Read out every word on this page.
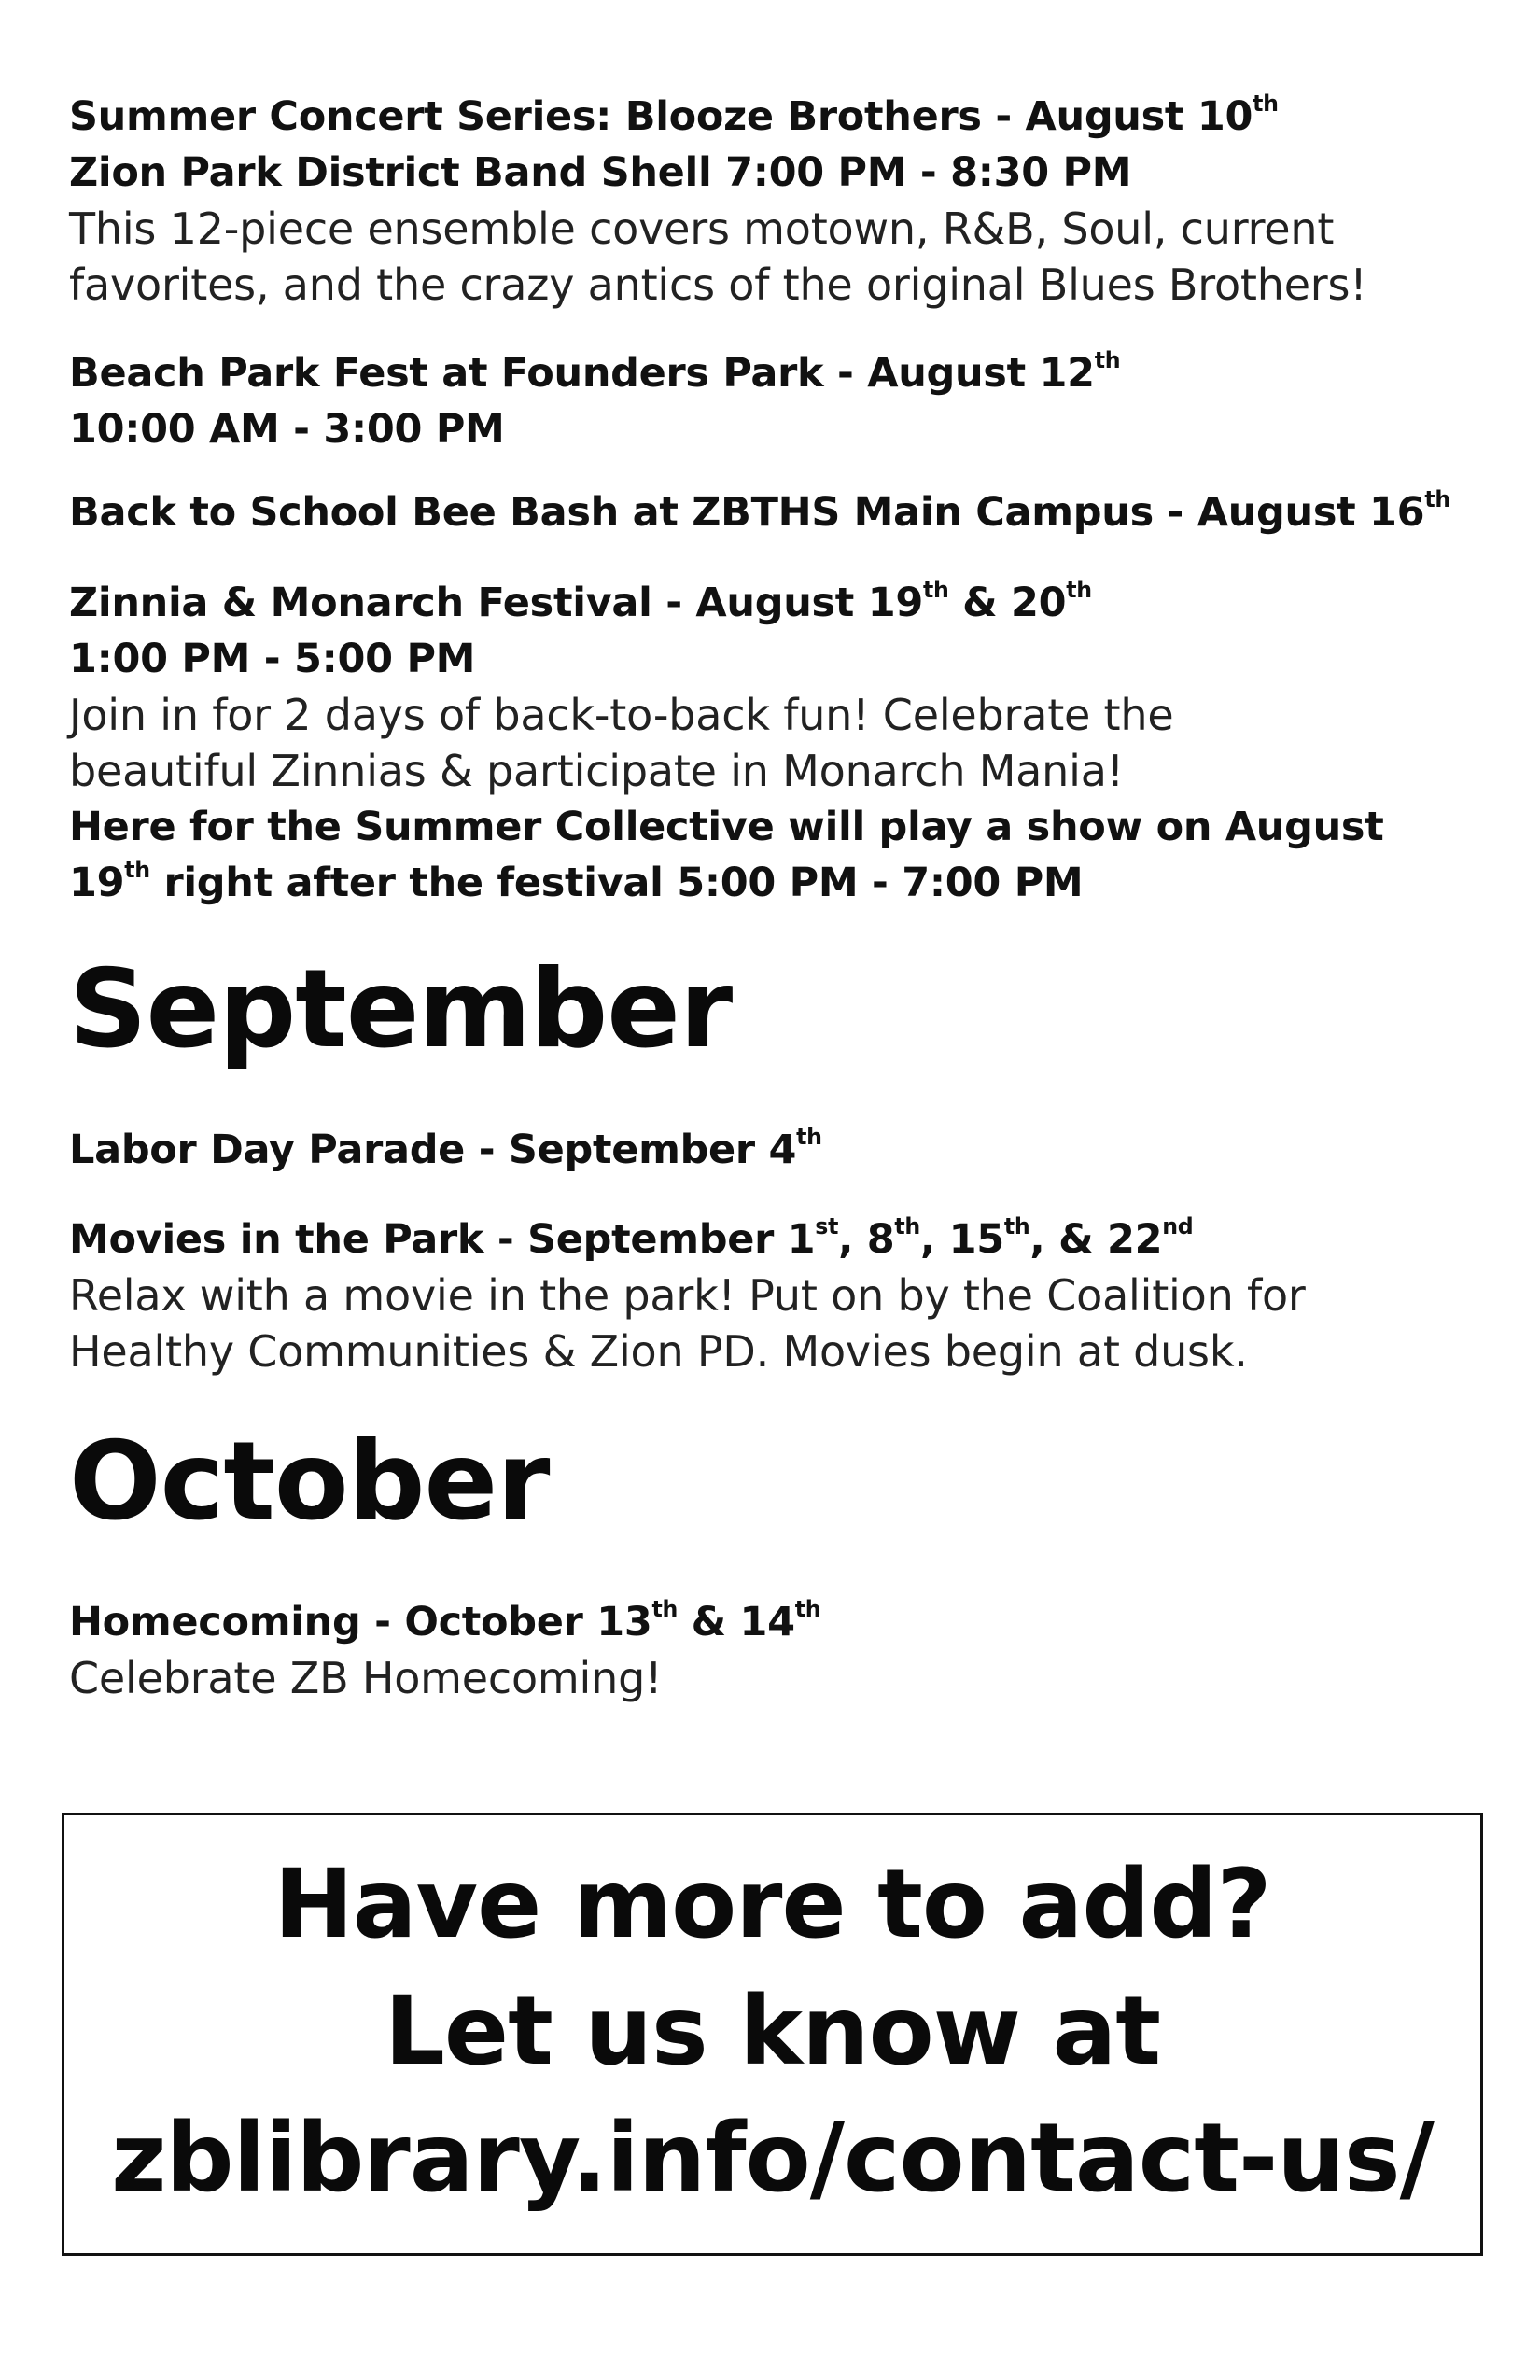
Summer Concert Series: Blooze Brothers - August 10th
Zion Park District Band Shell 7:00 PM - 8:30 PM
This 12-piece ensemble covers motown, R&B, Soul, current
favorites, and the crazy antics of the original Blues Brothers!
Beach Park Fest at Founders Park - August 12th
10:00 AM - 3:00 PM
Back to School Bee Bash at ZBTHS Main Campus - August 16th
Zinnia & Monarch Festival - August 19th & 20th
1:00 PM - 5:00 PM
Join in for 2 days of back-to-back fun! Celebrate the
beautiful Zinnias & participate in Monarch Mania!
Here for the Summer Collective will play a show on August
19th right after the festival 5:00 PM - 7:00 PM
September
Labor Day Parade - September 4th
Movies in the Park - September 1st, 8th, 15th, & 22nd
Relax with a movie in the park! Put on by the Coalition for
Healthy Communities & Zion PD. Movies begin at dusk.
October
Homecoming - October 13th & 14th
Celebrate ZB Homecoming!
Have more to add?
Let us know at
zblibrary.info/contact-us/
